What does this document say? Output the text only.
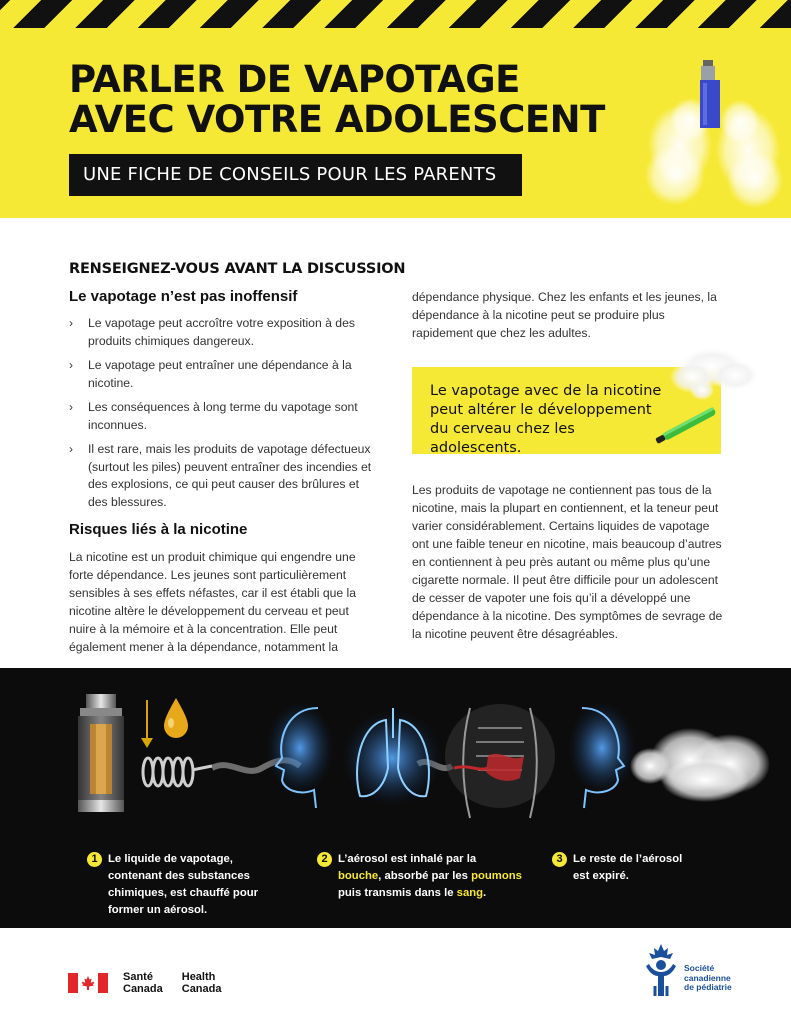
PARLER DE VAPOTAGE
AVEC VOTRE ADOLESCENT
UNE FICHE DE CONSEILS POUR LES PARENTS
RENSEIGNEZ-VOUS AVANT LA DISCUSSION
Le vapotage n’est pas inoffensif
› Le vapotage peut accroître votre exposition à des produits chimiques dangereux.
› Le vapotage peut entraîner une dépendance à la nicotine.
› Les conséquences à long terme du vapotage sont inconnues.
› Il est rare, mais les produits de vapotage défectueux (surtout les piles) peuvent entraîner des incendies et des explosions, ce qui peut causer des brûlures et des blessures.
Risques liés à la nicotine

La nicotine est un produit chimique qui engendre une forte dépendance. Les jeunes sont particulièrement sensibles à ses effets néfastes, car il est établi que la nicotine altère le développement du cerveau et peut nuire à la mémoire et à la concentration. Elle peut également mener à la dépendance, notamment la

dépendance physique. Chez les enfants et les jeunes, la dépendance à la nicotine peut se produire plus rapidement que chez les adultes.

Le vapotage avec de la nicotine peut altérer le développement du cerveau chez les adolescents.

Les produits de vapotage ne contiennent pas tous de la nicotine, mais la plupart en contiennent, et la teneur peut varier considérablement. Certains liquides de vapotage ont une faible teneur en nicotine, mais beaucoup d’autres en contiennent à peu près autant ou même plus qu’une cigarette normale. Il peut être difficile pour un adolescent de cesser de vapoter une fois qu’il a développé une dépendance à la nicotine. Des symptômes de sevrage de la nicotine peuvent être désagréables.

1 Le liquide de vapotage, contenant des substances chimiques, est chauffé pour former un aérosol.
2 L’aérosol est inhalé par la bouche, absorbé par les poumons puis transmis dans le sang.
3 Le reste de l’aérosol est expiré.
Santé
Canada
Health
Canada
Société
canadienne
de pédiatrie
